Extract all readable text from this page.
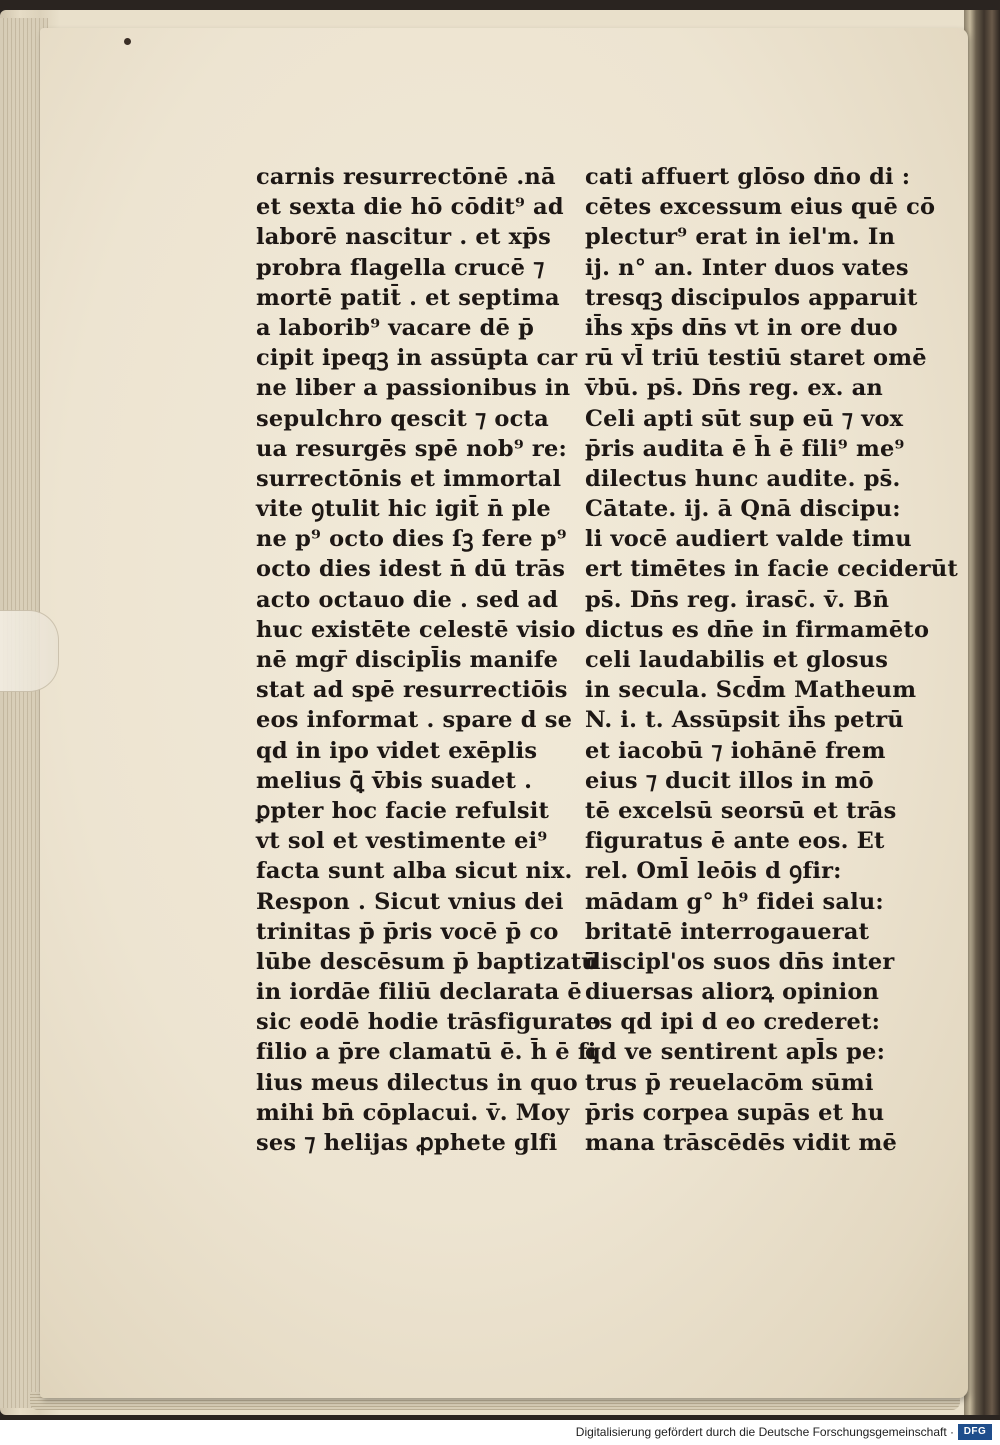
carnis resurrectōnē .nā
et sexta die hō cōdit⁹ ad
laborē nascitur . et xp̄s
probra flagella crucē ⁊
mortē patit̄ . et septima
a laborib⁹ vacare dē p̄
cipit ipeqꝫ in assūpta car
ne liber a passionibus in
sepulchro qescit ⁊ octa
ua resurgēs spē nob⁹ re:
surrectōnis et immortal
vite ꝯtulit hic igit̄ n̄ ple
ne p⁹ octo dies ſꝫ fere p⁹
octo dies idest n̄ dū trās
acto octauo die . sed ad
huc existēte celestē visio
nē mgr̄ discipl̄is manife
stat ad spē resurrectiōis
eos informat . spare d se
qd in ipo videt exēplis
melius ꝗ̄ v̄bis suadet .
ꝑpter hoc facie refulsit
vt sol et vestimente ei⁹
facta sunt alba sicut nix.
Respon . Sicut vnius dei
trinitas p̄ p̄ris vocē p̄ co
lūbe descēsum p̄ baptizatū
in iordāe filiū declarata ē
sic eodē hodie trāsfigurato
filio a p̄re clamatū ē. h̄ ē fi
lius meus dilectus in quo
mihi bn̄ cōplacui. v̄. Moy
ses ⁊ helijas ꝓphete glfi
cati affuert glōso dn̄o di :
cētes excessum eius quē cō
plectur⁹ erat in iel'm. In
ij. n° an. Inter duos vates
tresqꝫ discipulos apparuit
ih̄s xp̄s dn̄s vt in ore duo
rū vl̄ triū testiū staret omē
v̄bū. ps̄. Dn̄s reg. ex. an
Celi apti sūt sup eū ⁊ vox
p̄ris audita ē h̄ ē fili⁹ me⁹
dilectus hunc audite. ps̄.
Cātate. ij. ā Qnā discipu:
li vocē audiert valde timu
ert timētes in facie ceciderūt
ps̄. Dn̄s reg. irasc̄. v̄. Bn̄
dictus es dn̄e in firmamēto
celi laudabilis et glosus
in secula. Scd̄m Matheum
N. i. t. Assūpsit ih̄s petrū
et iacobū ⁊ iohānē frem
eius ⁊ ducit illos in mō
tē excelsū seorsū et trās
figuratus ē ante eos. Et
rel. Oml̄ leōis d ꝯfir:
mādam g° h⁹ fidei salu:
britatē interrogauerat
discipl'os suos dn̄s inter
diuersas aliorꝝ opinion
es qd ipi d eo crederet:
qd ve sentirent apl̄s pe:
trus p̄ reuelacōm sūmi
p̄ris corpea supās et hu
mana trāscēdēs vidit mē
Digitalisierung gefördert durch die Deutsche Forschungsgemeinschaft · DFG
